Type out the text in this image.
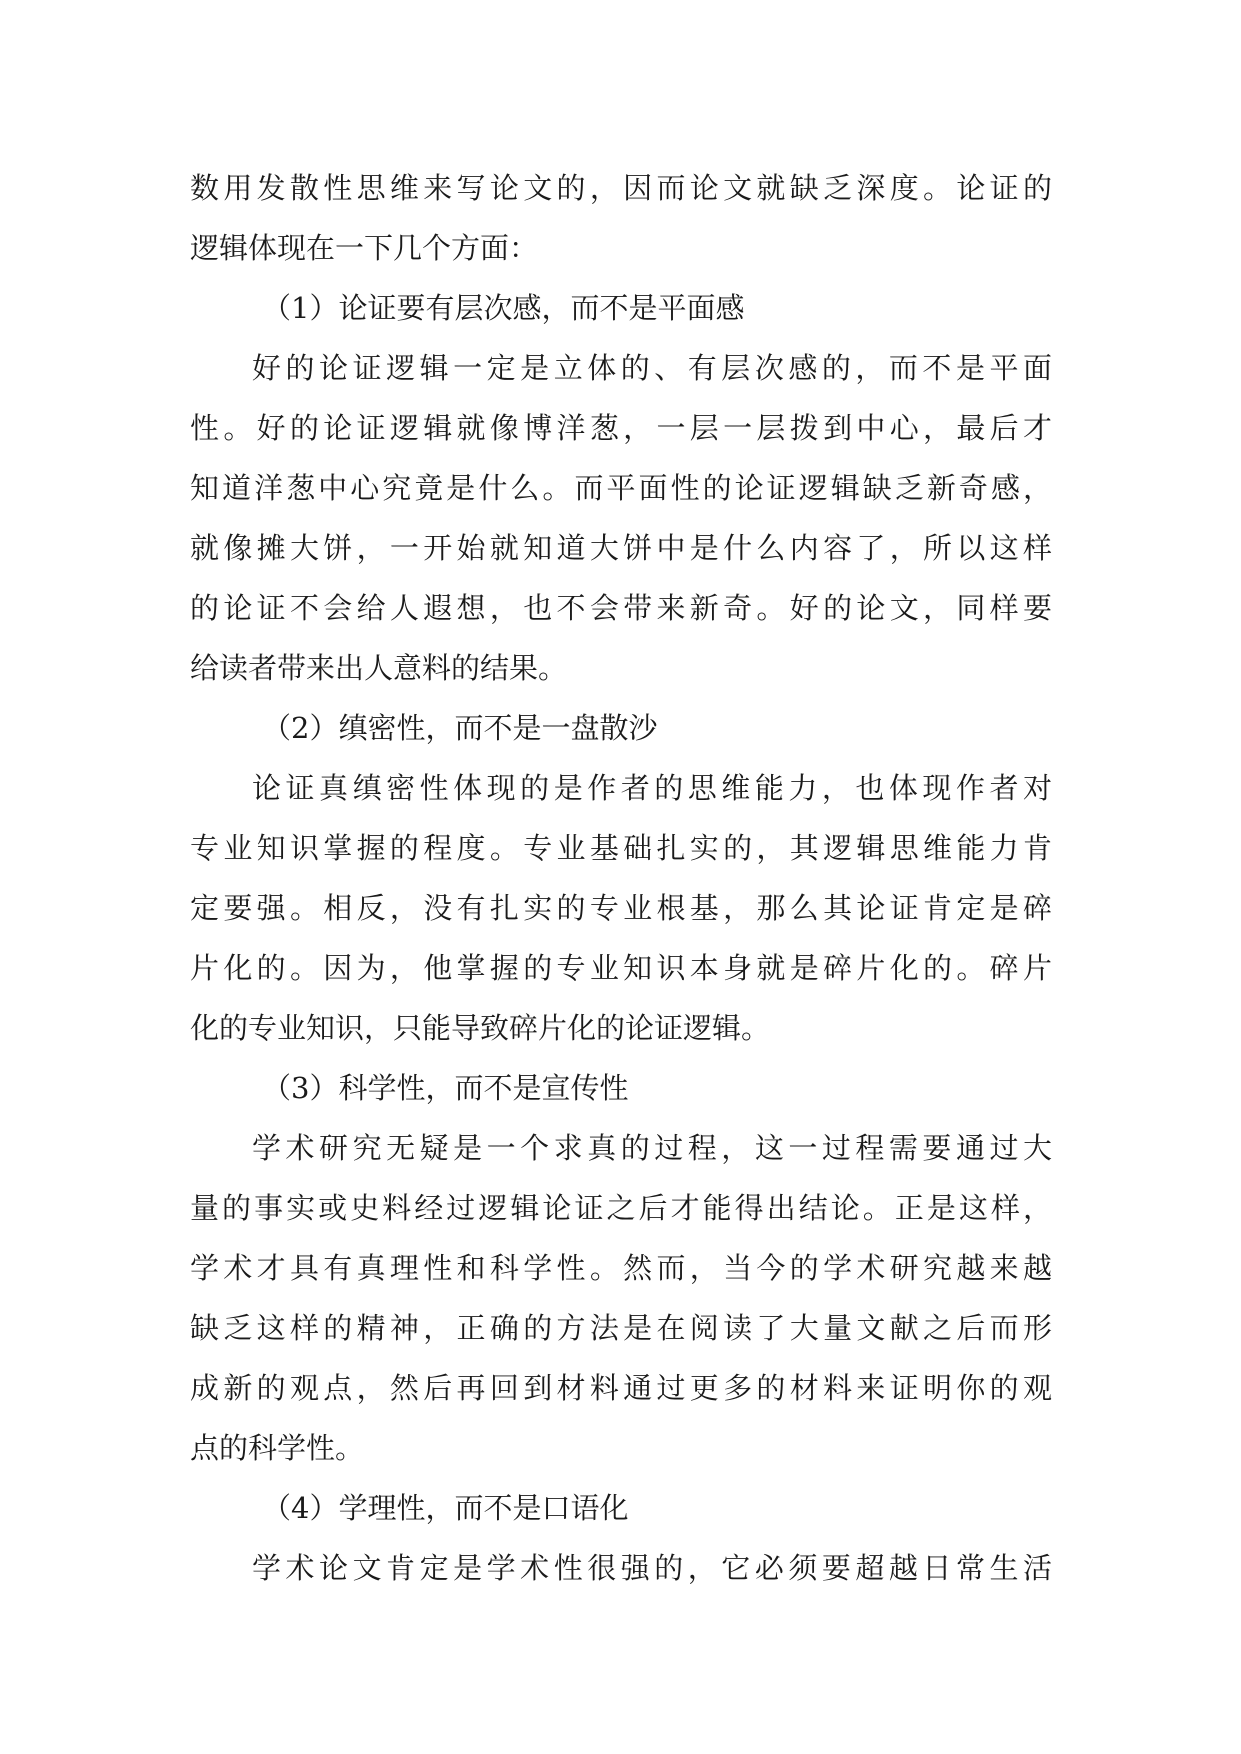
数用发散性思维来写论文的，因而论文就缺乏深度。论证的
逻辑体现在一下几个方面：
（1）论证要有层次感，而不是平面感
好的论证逻辑一定是立体的、有层次感的，而不是平面
性。好的论证逻辑就像博洋葱，一层一层拨到中心，最后才
知道洋葱中心究竟是什么。而平面性的论证逻辑缺乏新奇感，
就像摊大饼，一开始就知道大饼中是什么内容了，所以这样
的论证不会给人遐想，也不会带来新奇。好的论文，同样要
给读者带来出人意料的结果。
（2）缜密性，而不是一盘散沙
论证真缜密性体现的是作者的思维能力，也体现作者对
专业知识掌握的程度。专业基础扎实的，其逻辑思维能力肯
定要强。相反，没有扎实的专业根基，那么其论证肯定是碎
片化的。因为，他掌握的专业知识本身就是碎片化的。碎片
化的专业知识，只能导致碎片化的论证逻辑。
（3）科学性，而不是宣传性
学术研究无疑是一个求真的过程，这一过程需要通过大
量的事实或史料经过逻辑论证之后才能得出结论。正是这样，
学术才具有真理性和科学性。然而，当今的学术研究越来越
缺乏这样的精神，正确的方法是在阅读了大量文献之后而形
成新的观点，然后再回到材料通过更多的材料来证明你的观
点的科学性。
（4）学理性，而不是口语化
学术论文肯定是学术性很强的，它必须要超越日常生活
